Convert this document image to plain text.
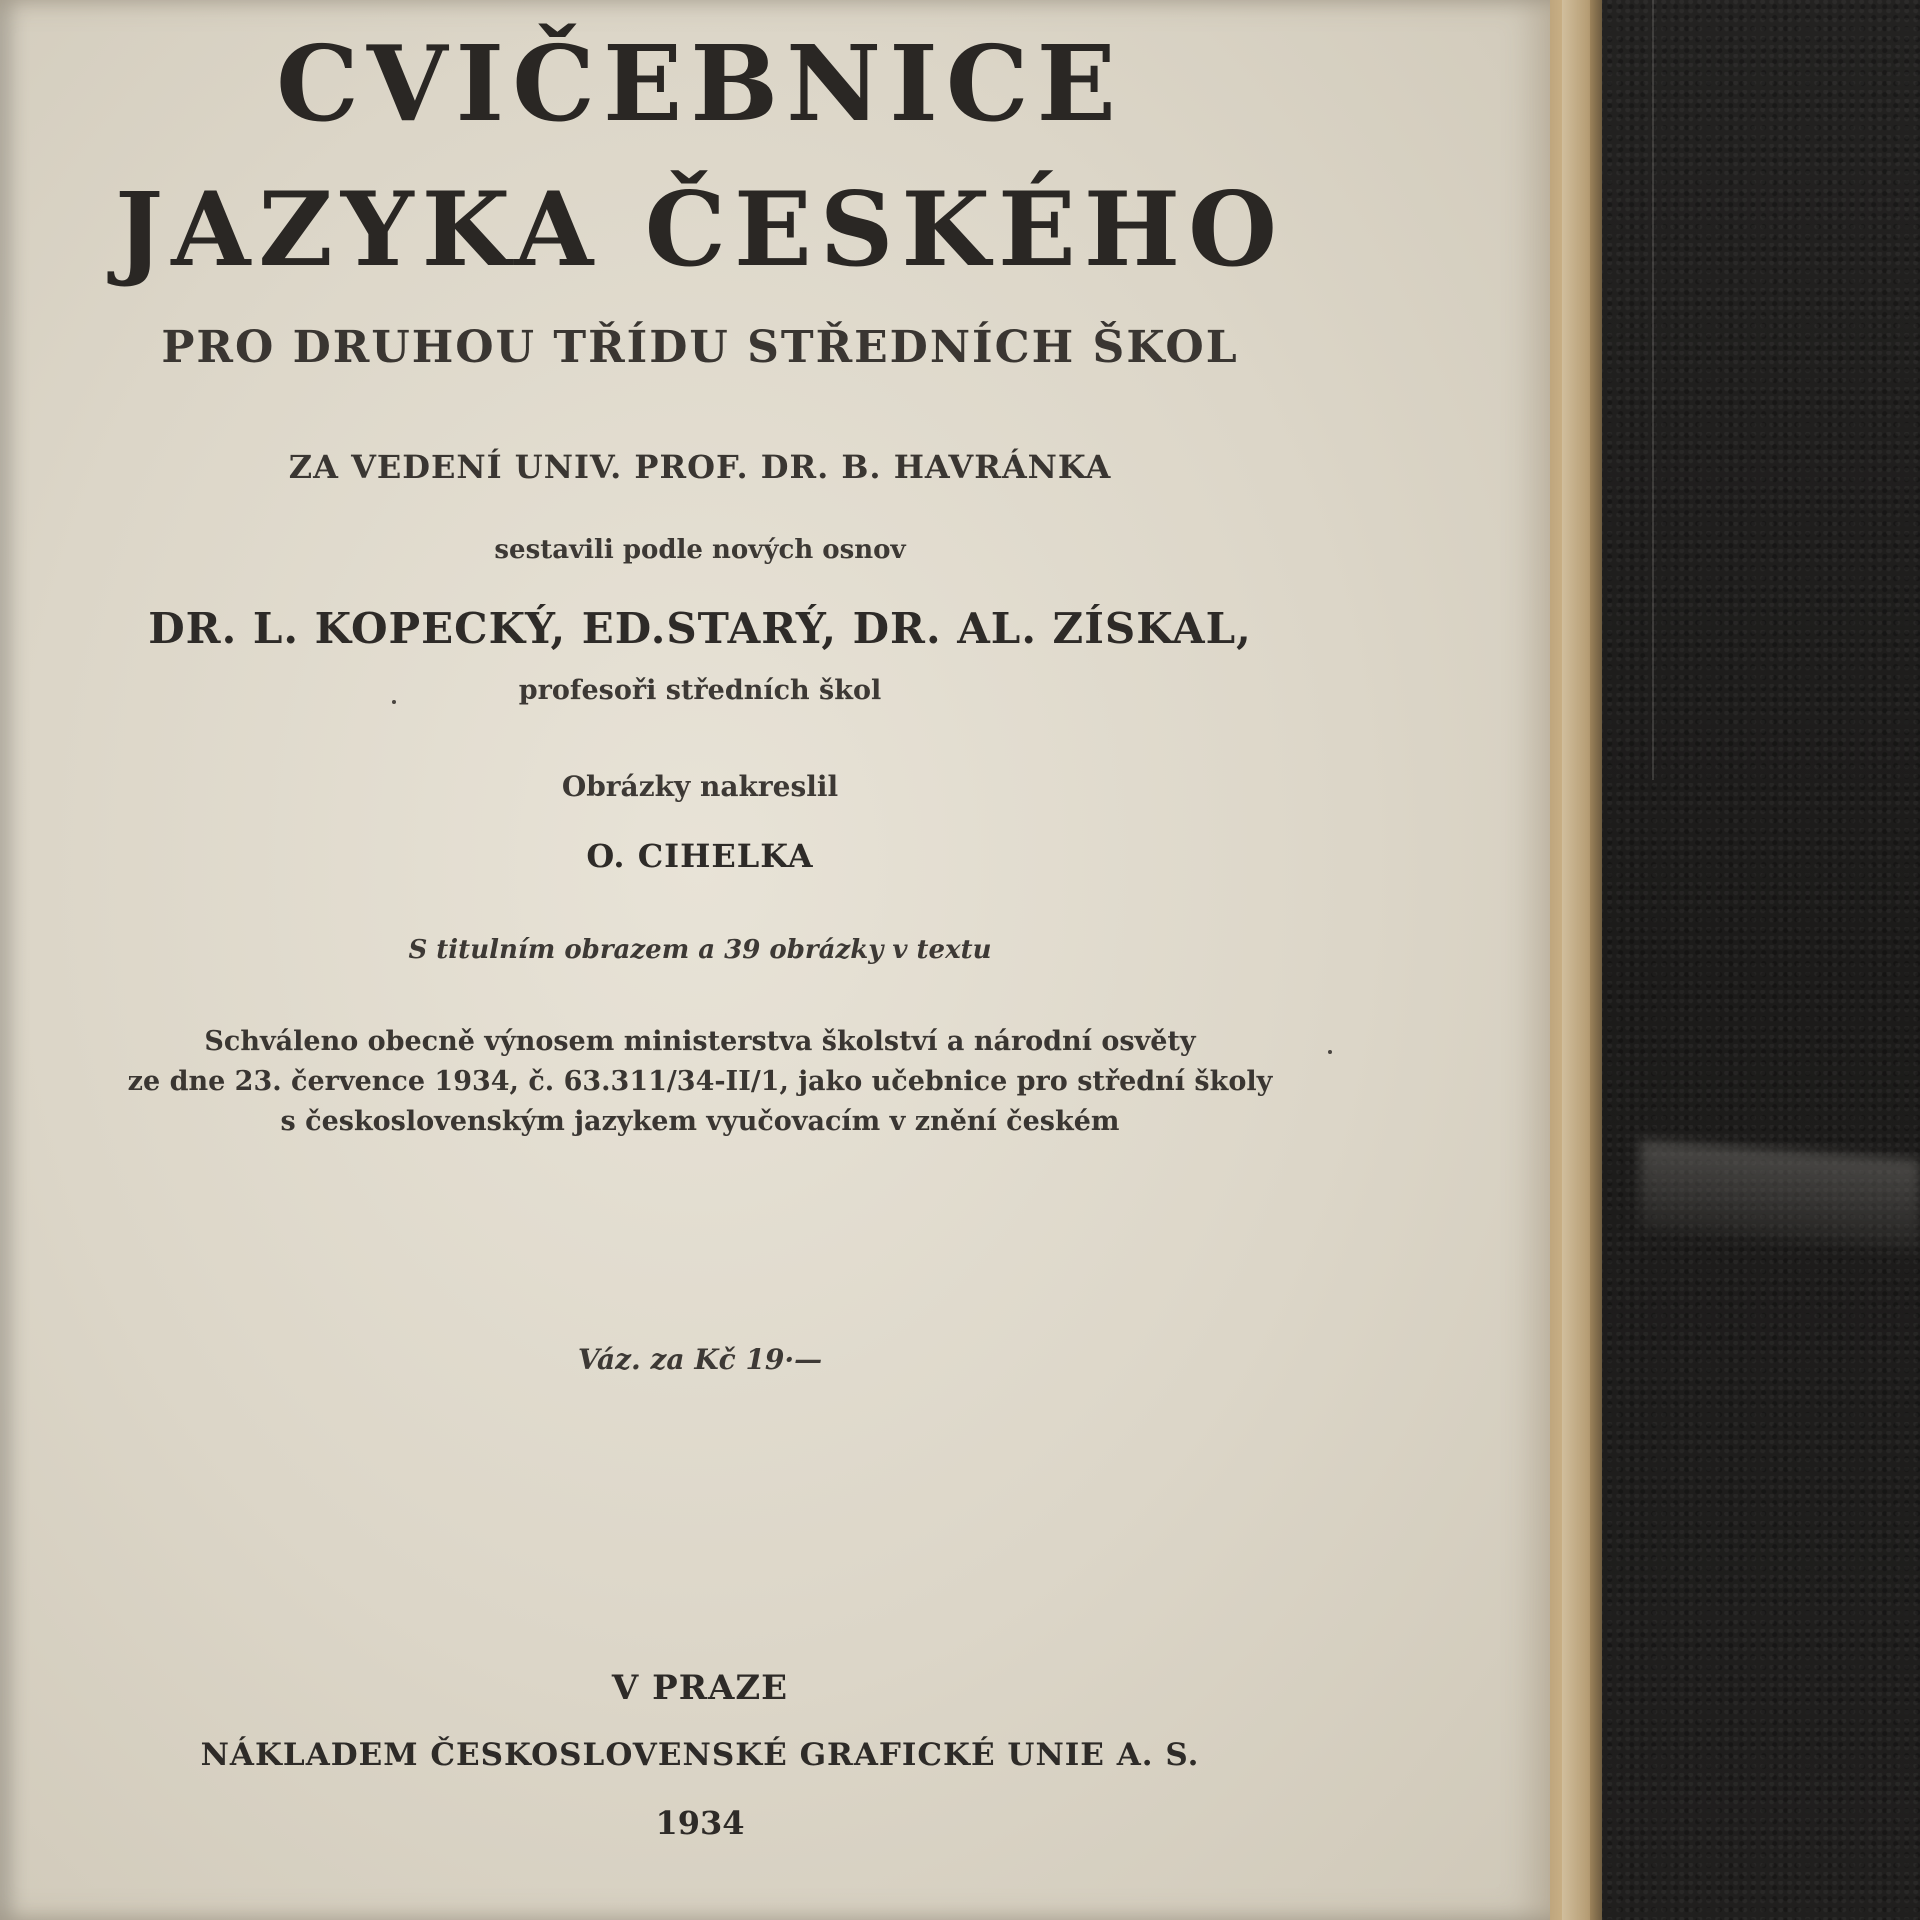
CVIČEBNICE
JAZYKA ČESKÉHO
PRO DRUHOU TŘÍDU STŘEDNÍCH ŠKOL
ZA VEDENÍ UNIV. PROF. DR. B. HAVRÁNKA
sestavili podle nových osnov
DR. L. KOPECKÝ, ED.STARÝ, DR. AL. ZÍSKAL,
profesoři středních škol
Obrázky nakreslil
O. CIHELKA
S titulním obrazem a 39 obrázky v textu
Schváleno obecně výnosem ministerstva školství a národní osvěty
ze dne 23. července 1934, č. 63.311/34-II/1, jako učebnice pro střední školy
s československým jazykem vyučovacím v znění českém
Váz. za Kč 19·—
V PRAZE
NÁKLADEM ČESKOSLOVENSKÉ GRAFICKÉ UNIE A. S.
1934
